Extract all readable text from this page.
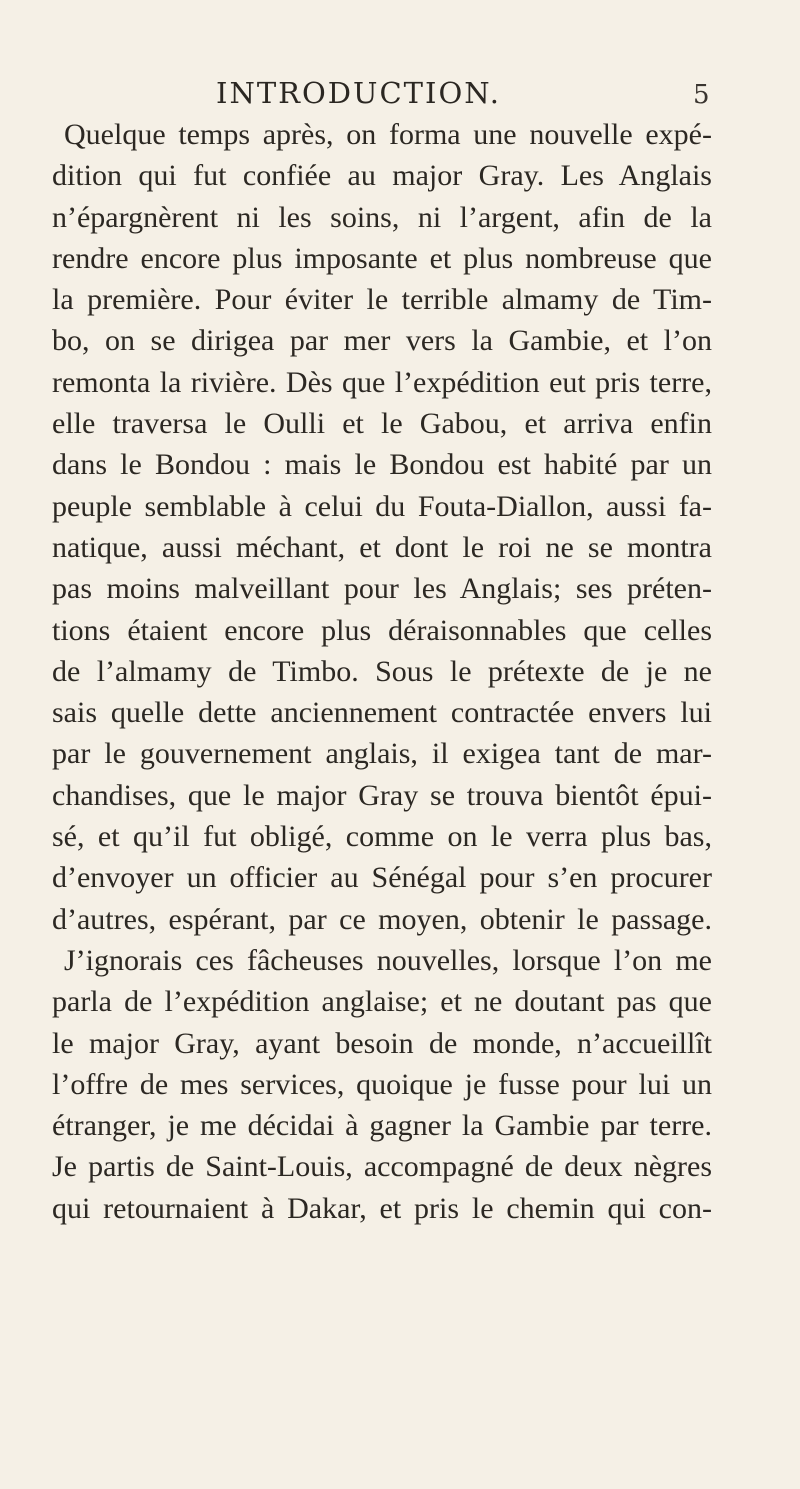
INTRODUCTION.	5
Quelque temps après, on forma une nouvelle expé-
dition qui fut confiée au major Gray. Les Anglais
n’épargnèrent ni les soins, ni l’argent, afin de la
rendre encore plus imposante et plus nombreuse que
la première. Pour éviter le terrible almamy de Tim-
bo, on se dirigea par mer vers la Gambie, et l’on
remonta la rivière. Dès que l’expédition eut pris terre,
elle traversa le Oulli et le Gabou, et arriva enfin
dans le Bondou : mais le Bondou est habité par un
peuple semblable à celui du Fouta-Diallon, aussi fa-
natique, aussi méchant, et dont le roi ne se montra
pas moins malveillant pour les Anglais; ses préten-
tions étaient encore plus déraisonnables que celles
de l’almamy de Timbo. Sous le prétexte de je ne
sais quelle dette anciennement contractée envers lui
par le gouvernement anglais, il exigea tant de mar-
chandises, que le major Gray se trouva bientôt épui-
sé, et qu’il fut obligé, comme on le verra plus bas,
d’envoyer un officier au Sénégal pour s’en procurer
d’autres, espérant, par ce moyen, obtenir le passage.
J’ignorais ces fâcheuses nouvelles, lorsque l’on me
parla de l’expédition anglaise; et ne doutant pas que
le major Gray, ayant besoin de monde, n’accueillît
l’offre de mes services, quoique je fusse pour lui un
étranger, je me décidai à gagner la Gambie par terre.
Je partis de Saint-Louis, accompagné de deux nègres
qui retournaient à Dakar, et pris le chemin qui con-
